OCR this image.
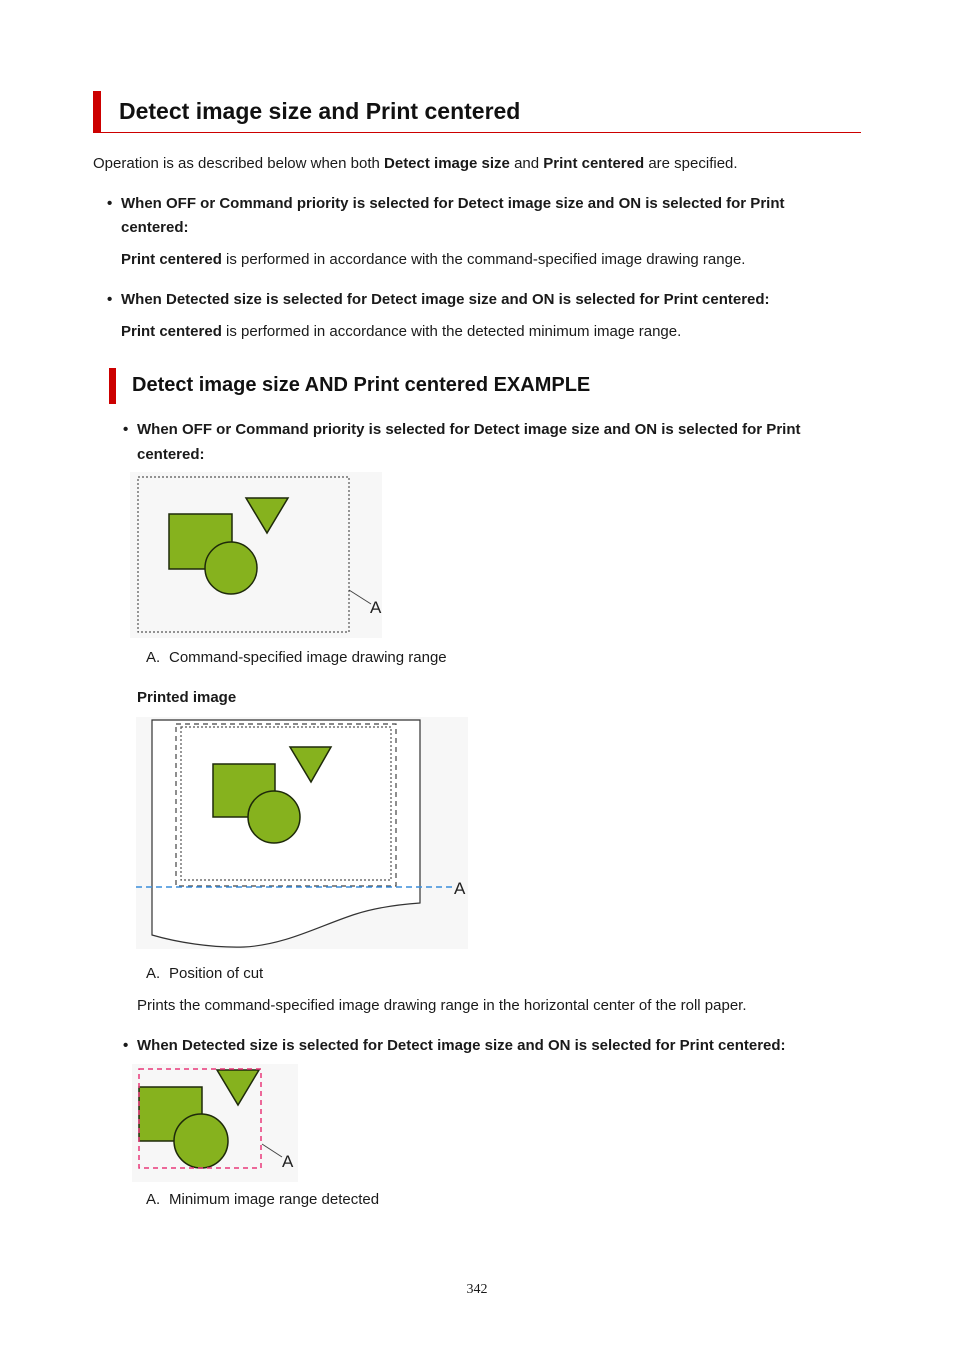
Detect image size and Print centered
Operation is as described below when both Detect image size and Print centered are specified.
• When OFF or Command priority is selected for Detect image size and ON is selected for Print
centered:
Print centered is performed in accordance with the command-specified image drawing range.
• When Detected size is selected for Detect image size and ON is selected for Print centered:
Print centered is performed in accordance with the detected minimum image range.
Detect image size AND Print centered EXAMPLE
• When OFF or Command priority is selected for Detect image size and ON is selected for Print
centered:
A
A. Command-specified image drawing range
Printed image
A
A. Position of cut
Prints the command-specified image drawing range in the horizontal center of the roll paper.
• When Detected size is selected for Detect image size and ON is selected for Print centered:
A
A. Minimum image range detected
342
